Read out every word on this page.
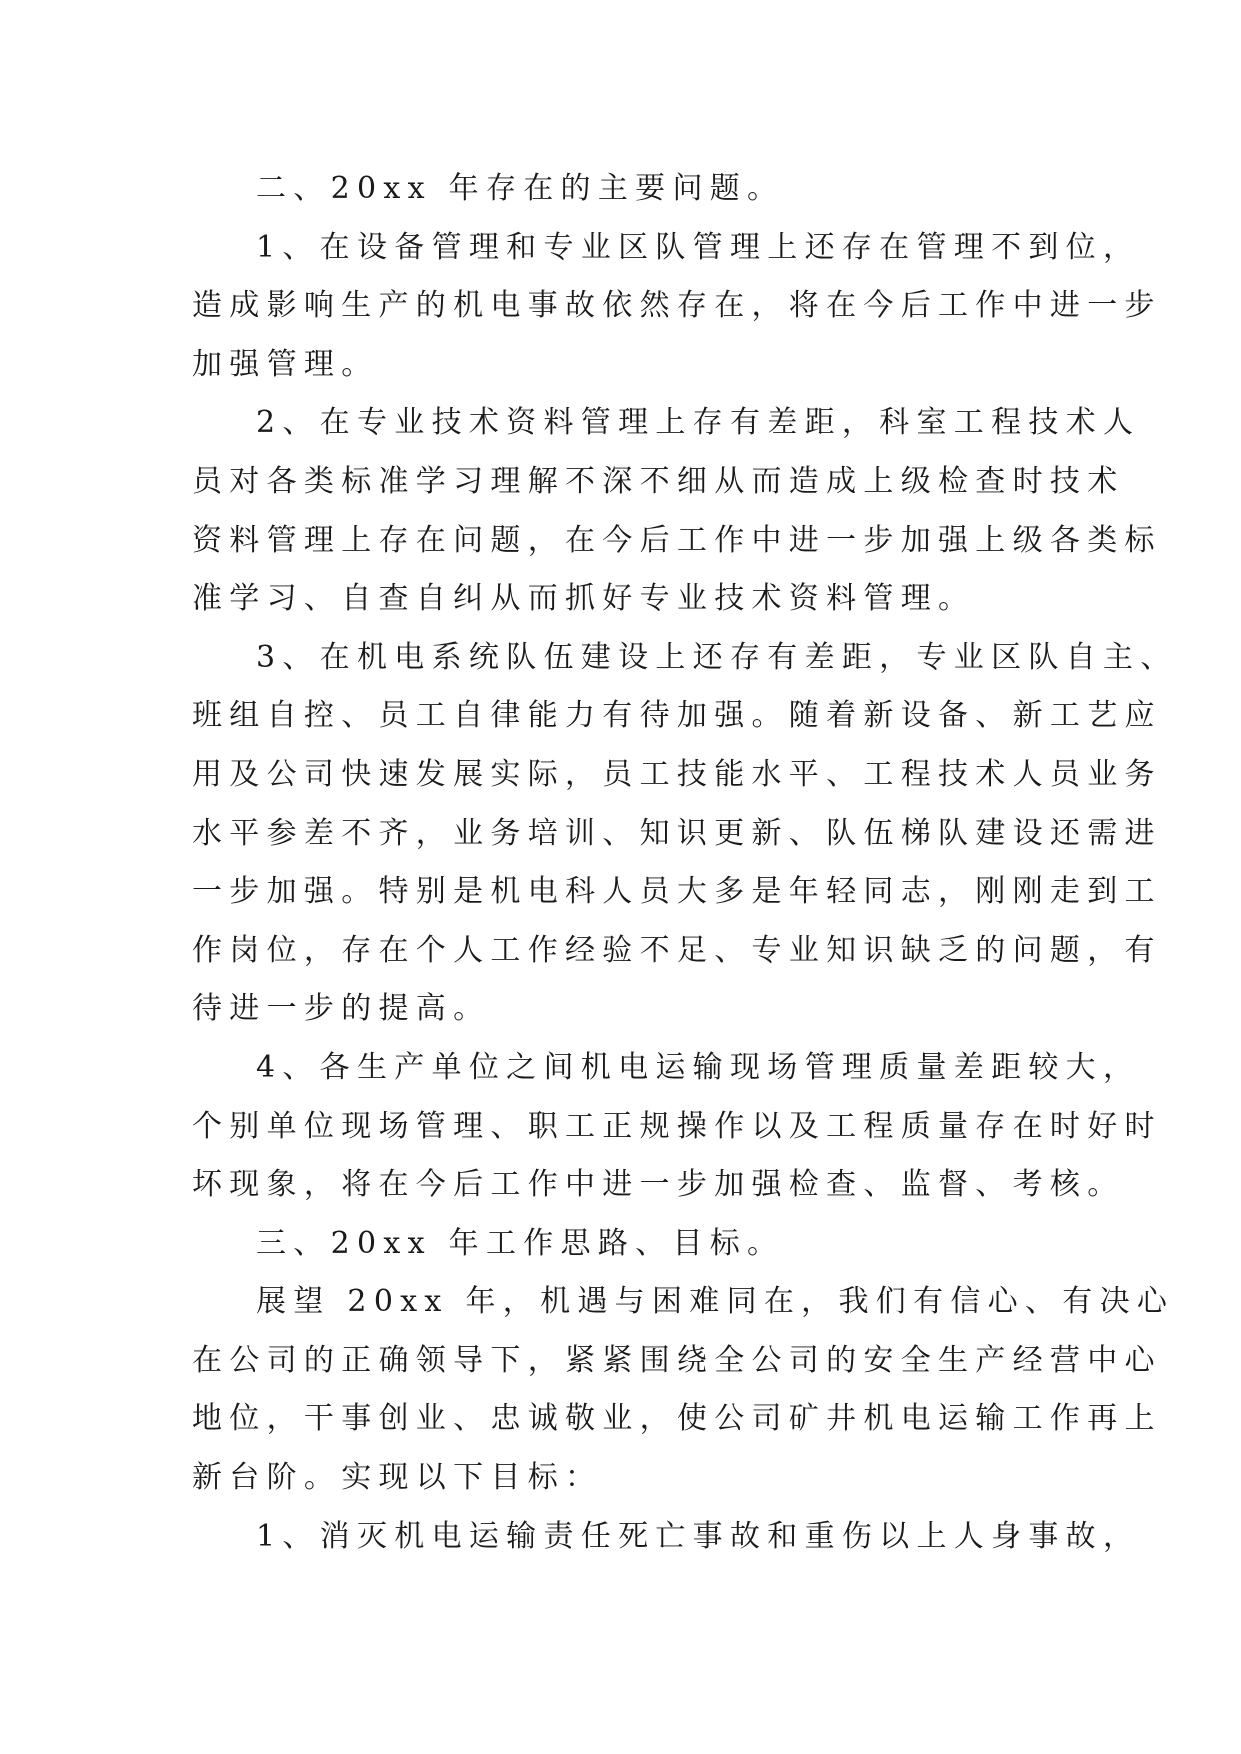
二、20xx 年存在的主要问题。
1、在设备管理和专业区队管理上还存在管理不到位，
造成影响生产的机电事故依然存在，将在今后工作中进一步
加强管理。
2、在专业技术资料管理上存有差距，科室工程技术人
员对各类标准学习理解不深不细从而造成上级检查时技术
资料管理上存在问题，在今后工作中进一步加强上级各类标
准学习、自查自纠从而抓好专业技术资料管理。
3、在机电系统队伍建设上还存有差距，专业区队自主、
班组自控、员工自律能力有待加强。随着新设备、新工艺应
用及公司快速发展实际，员工技能水平、工程技术人员业务
水平参差不齐，业务培训、知识更新、队伍梯队建设还需进
一步加强。特别是机电科人员大多是年轻同志，刚刚走到工
作岗位，存在个人工作经验不足、专业知识缺乏的问题，有
待进一步的提高。
4、各生产单位之间机电运输现场管理质量差距较大，
个别单位现场管理、职工正规操作以及工程质量存在时好时
坏现象，将在今后工作中进一步加强检查、监督、考核。
三、20xx 年工作思路、目标。
展望 20xx 年，机遇与困难同在，我们有信心、有决心
在公司的正确领导下，紧紧围绕全公司的安全生产经营中心
地位，干事创业、忠诚敬业，使公司矿井机电运输工作再上
新台阶。实现以下目标：
1、消灭机电运输责任死亡事故和重伤以上人身事故，
